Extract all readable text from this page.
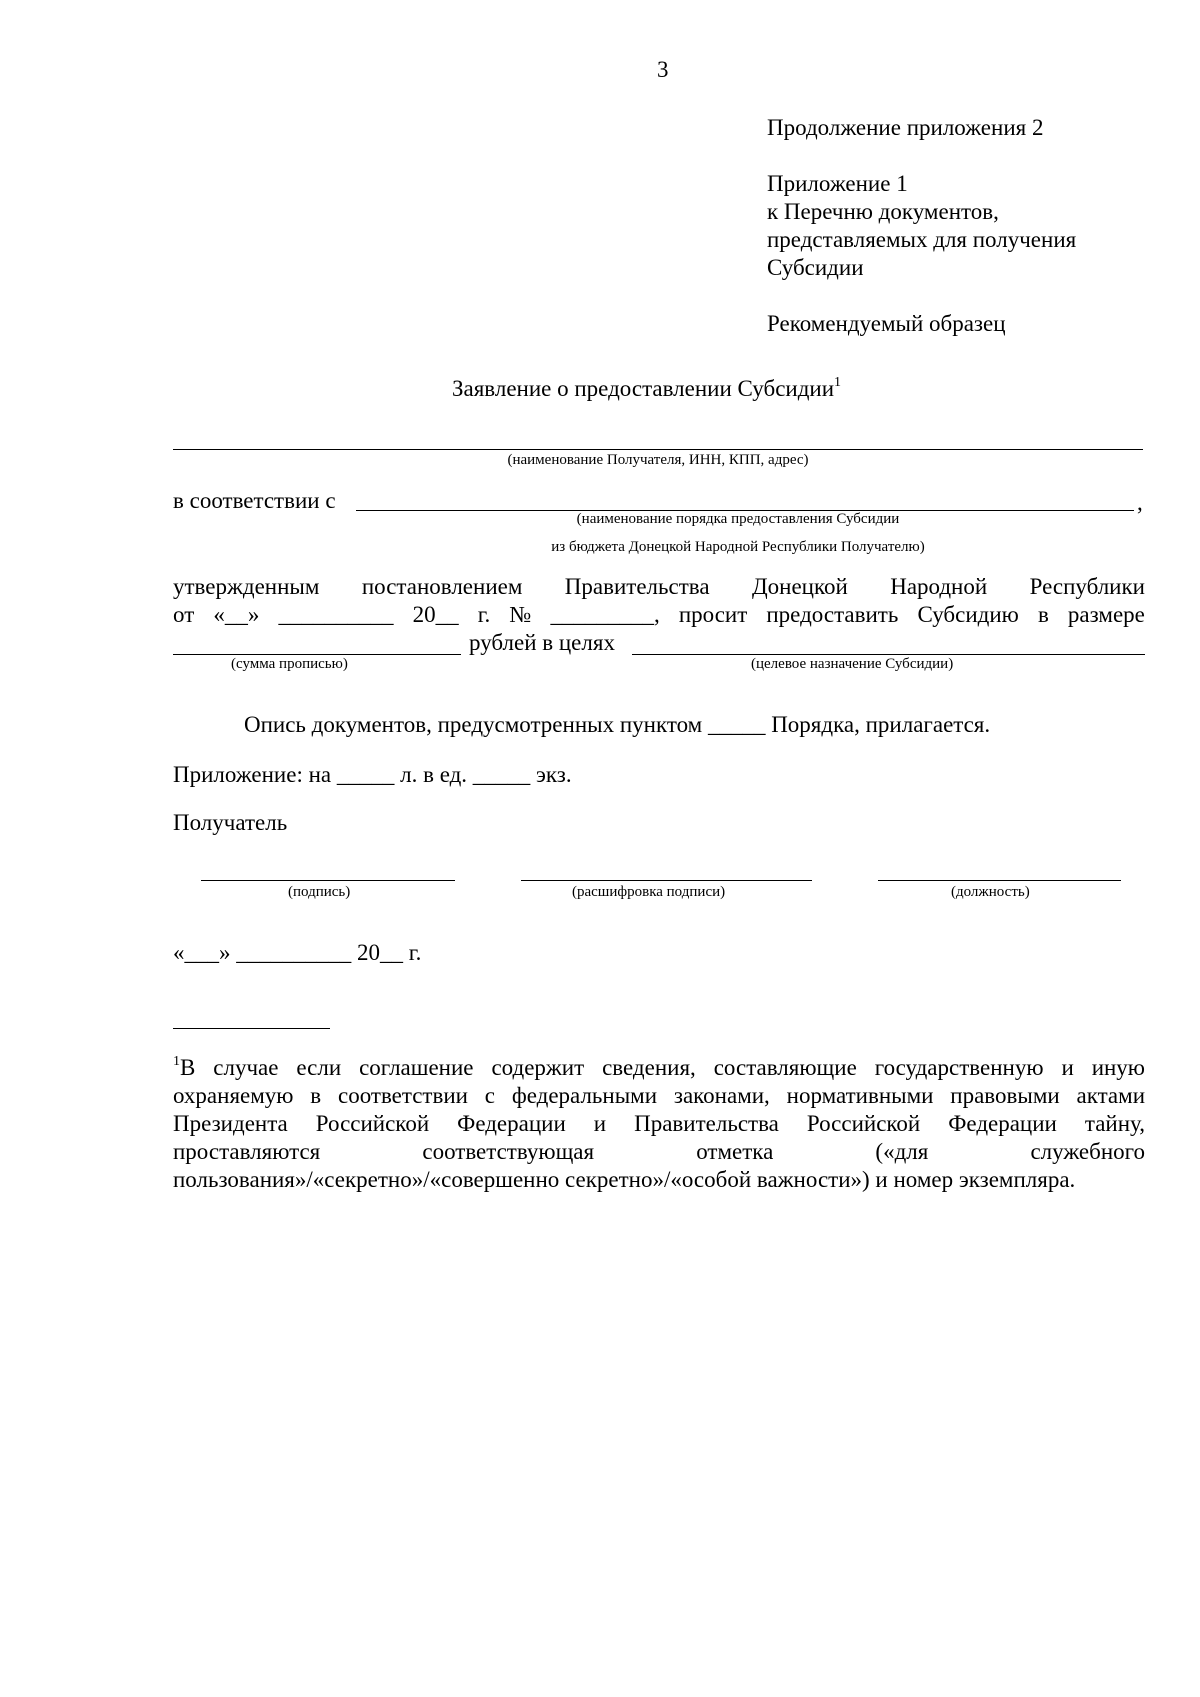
3
Продолжение приложения 2
Приложение 1
к Перечню документов,
представляемых для получения
Субсидии
Рекомендуемый образец
Заявление о предоставлении Субсидии$^1$
(наименование Получателя, ИНН, КПП, адрес)
в соответствии с	,
(наименование порядка предоставления Субсидии
из бюджета Донецкой Народной Республики Получателю)
утвержденным постановлением Правительства Донецкой Народной Республики
от «__» __________ 20__ г. № _________, просит предоставить Субсидию в размере
рублей в целях
(сумма прописью)	(целевое назначение Субсидии)
Опись документов, предусмотренных пунктом _____ Порядка, прилагается.
Приложение: на _____ л. в ед. _____ экз.
Получатель
(подпись)	(расшифровка подписи)	(должность)
«___» __________ 20__ г.
$^1$В случае если соглашение содержит сведения, составляющие государственную и иную
охраняемую в соответствии с федеральными законами, нормативными правовыми актами
Президента Российской Федерации и Правительства Российской Федерации тайну,
проставляются соответствующая отметка («для служебного
пользования»/«секретно»/«совершенно секретно»/«особой важности») и номер экземпляра.
